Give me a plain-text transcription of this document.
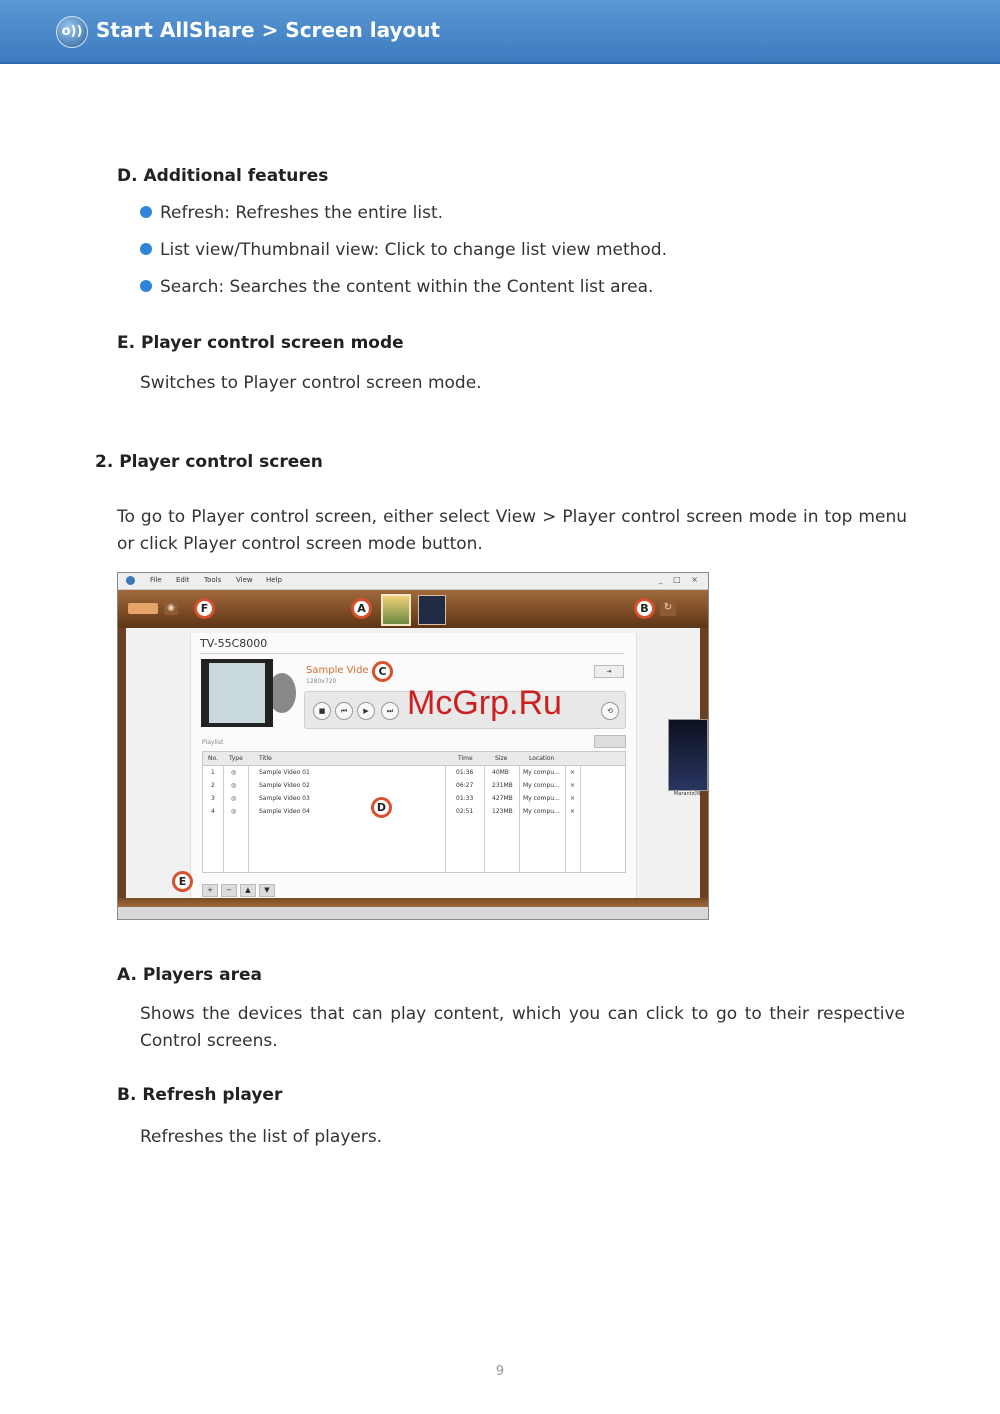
o)) Start AllShare > Screen layout
D. Additional features
Refresh: Refreshes the entire list.
List view/Thumbnail view: Click to change list view method.
Search: Searches the content within the Content list area.
E. Player control screen mode
Switches to Player control screen mode.
2. Player control screen
To go to Player control screen, either select View > Player control screen mode in top menu or click Player control screen mode button.
File Edit Tools View Help	_ □ ×
◉	F	A	B	↻
TV-55C8000
Sample Vide
1280x720
C	⇥
■	⏮	▶	⏭	⟲
Playlist
No. Type	Title	Time	Size	Location
1	◎	Sample Video 01	01:36	40MB My compu... ×
2	◎	Sample Video 02	06:27	231MB My compu... ×
3	◎	Sample Video 03	01:33	427MB My compu... ×
4	◎	Sample Video 04	02:51	123MB My compu... ×
D
+ − ▲ ▼
E
Marantz(N
McGrp.Ru
A. Players area
Shows the devices that can play content, which you can click to go to their respective Control screens.
B. Refresh player
Refreshes the list of players.
9
